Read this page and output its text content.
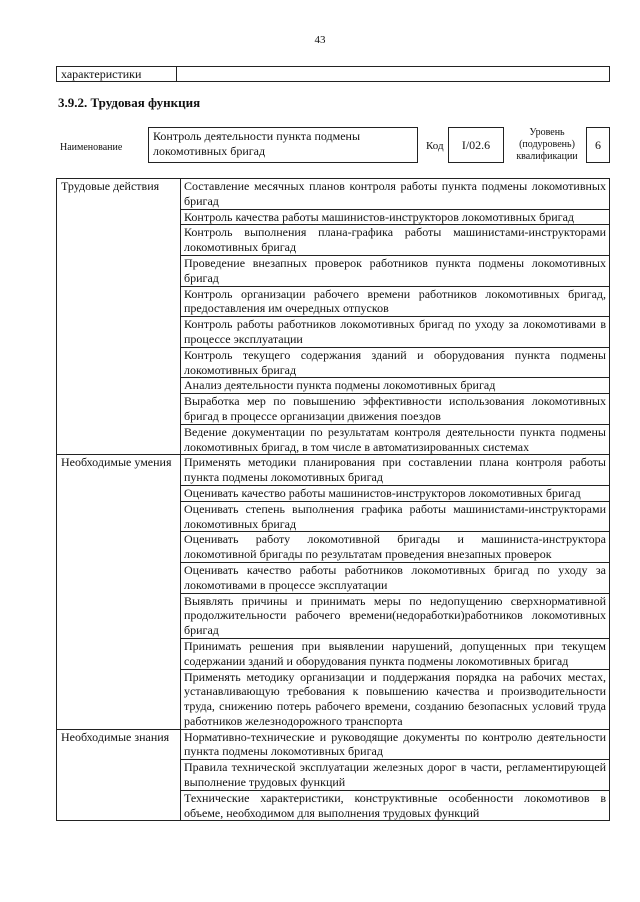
43
характеристики
3.9.2. Трудовая функция
Наименование
Контроль деятельности пункта подмены локомотивных бригад	Код	I/02.6
Уровень (подуровень) квалификации
6
Трудовые действия	Составление месячных планов контроля работы пункта подмены локомотивных бригад
	Контроль качества работы машинистов-инструкторов локомотивных бригад
	Контроль выполнения плана-графика работы машинистами-инструкторами локомотивных бригад
	Проведение внезапных проверок работников пункта подмены локомотивных бригад
	Контроль организации рабочего времени работников локомотивных бригад, предоставления им очередных отпусков
	Контроль работы работников локомотивных бригад по уходу за локомотивами в процессе эксплуатации
	Контроль текущего содержания зданий и оборудования пункта подмены локомотивных бригад
	Анализ деятельности пункта подмены локомотивных бригад
	Выработка мер по повышению эффективности использования локомотивных бригад в процессе организации движения поездов
	Ведение документации по результатам контроля деятельности пункта подмены локомотивных бригад, в том числе в автоматизированных системах
Необходимые умения	Применять методики планирования при составлении плана контроля работы пункта подмены локомотивных бригад
	Оценивать качество работы машинистов-инструкторов локомотивных бригад
	Оценивать степень выполнения графика работы машинистами-инструкторами локомотивных бригад
	Оценивать работу локомотивной бригады и машиниста-инструктора локомотивной бригады по результатам проведения внезапных проверок
	Оценивать качество работы работников локомотивных бригад по уходу за локомотивами в процессе эксплуатации
	Выявлять причины и принимать меры по недопущению сверхнормативной продолжительности рабочего времени(недоработки)работников локомотивных бригад
	Принимать решения при выявлении нарушений, допущенных при текущем содержании зданий и оборудования пункта подмены локомотивных бригад
	Применять методику организации и поддержания порядка на рабочих местах, устанавливающую требования к повышению качества и производительности труда, снижению потерь рабочего времени, созданию безопасных условий труда работников железнодорожного транспорта
Необходимые знания	Нормативно-технические и руководящие документы по контролю деятельности пункта подмены локомотивных бригад
	Правила технической эксплуатации железных дорог в части, регламентирующей выполнение трудовых функций
	Технические характеристики, конструктивные особенности локомотивов в объеме, необходимом для выполнения трудовых функций
